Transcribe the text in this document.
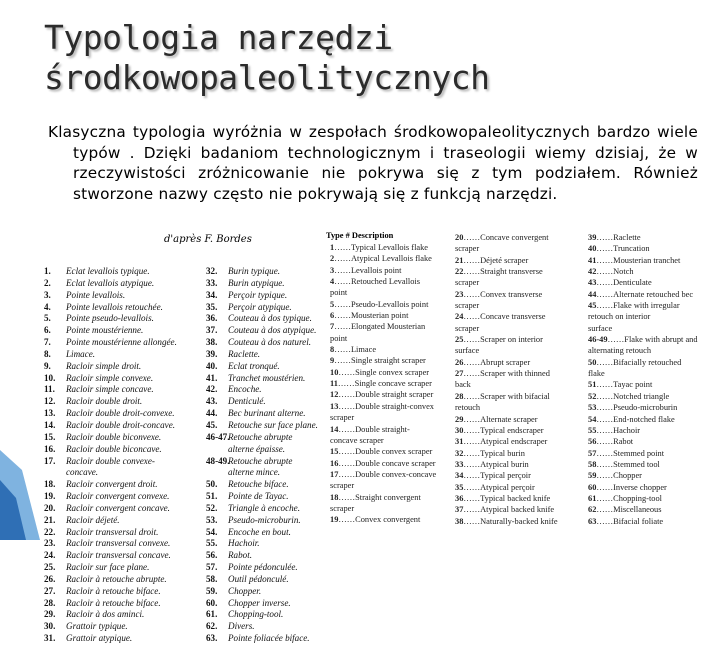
Typologia narzędzi
środkowopaleolitycznych
Klasyczna typologia wyróżnia w zespołach środkowopaleolitycznych bardzo wiele typów . Dzięki badaniom technologicznym i traseologii wiemy dzisiaj, że w rzeczywistości zróżnicowanie nie pokrywa się z tym podziałem. Również stworzone nazwy często nie pokrywają się z funkcją narzędzi.
d'après F. Bordes
1. Eclat levallois typique.
2. Eclat levallois atypique.
3. Pointe levallois.
4. Pointe levallois retouchée.
5. Pointe pseudo-levallois.
6. Pointe moustérienne.
7. Pointe moustérienne allongée.
8. Limace.
9. Racloir simple droit.
10. Racloir simple convexe.
11. Racloir simple concave.
12. Racloir double droit.
13. Racloir double droit-convexe.
14. Racloir double droit-concave.
15. Racloir double biconvexe.
16. Racloir double biconcave.
17. Racloir double convexe-
concave.
18. Racloir convergent droit.
19. Racloir convergent convexe.
20. Racloir convergent concave.
21. Racloir déjeté.
22. Racloir transversal droit.
23. Racloir transversal convexe.
24. Racloir transversal concave.
25. Racloir sur face plane.
26. Racloir à retouche abrupte.
27. Racloir à retouche biface.
28. Racloir à retouche biface.
29. Racloir à dos aminci.
30. Grattoir typique.
31. Grattoir atypique.
32. Burin typique.
33. Burin atypique.
34. Perçoir typique.
35. Perçoir atypique.
36. Couteau à dos typique.
37. Couteau à dos atypique.
38. Couteau à dos naturel.
39. Raclette.
40. Eclat tronqué.
41. Tranchet moustérien.
42. Encoche.
43. Denticulé.
44. Bec burinant alterne.
45. Retouche sur face plane.
46-47.Retouche abrupte
alterne épaisse.
48-49.Retouche abrupte
alterne mince.
50. Retouche biface.
51. Pointe de Tayac.
52. Triangle à encoche.
53. Pseudo-microburin.
54. Encoche en bout.
55. Hachoir.
56. Rabot.
57. Pointe pédonculée.
58. Outil pédonculé.
59. Chopper.
60. Chopper inverse.
61. Chopping-tool.
62. Divers.
63. Pointe foliacée biface.
Type # Description
1……Typical Levallois flake
2……Atypical Levallois flake
3……Levallois point
4……Retouched Levallois
point
5……Pseudo-Levallois point
6……Mousterian point
7……Elongated Mousterian
point
8……Limace
9……Single straight scraper
10……Single convex scraper
11……Single concave scraper
12……Double straight scraper
13……Double straight-convex
scraper
14……Double straight-
concave scraper
15……Double convex scraper
16……Double concave scraper
17……Double convex-concave
scraper
18……Straight convergent
scraper
19……Convex convergent
20……Concave convergent
scraper
21……Déjeté scraper
22……Straight transverse
scraper
23……Convex transverse
scraper
24……Concave transverse
scraper
25……Scraper on interior
surface
26……Abrupt scraper
27……Scraper with thinned
back
28……Scraper with bifacial
retouch
29……Alternate scraper
30……Typical endscraper
31……Atypical endscraper
32……Typical burin
33……Atypical burin
34……Typical perçoir
35……Atypical perçoir
36……Typical backed knife
37……Atypical backed knife
38……Naturally-backed knife
39……Raclette
40……Truncation
41……Mousterian tranchet
42……Notch
43……Denticulate
44……Alternate retouched bec
45……Flake with irregular
retouch on interior
surface
46-49……Flake with abrupt and
alternating retouch
50……Bifacially retouched
flake
51……Tayac point
52……Notched triangle
53……Pseudo-microburin
54……End-notched flake
55……Hachoir
56……Rabot
57……Stemmed point
58……Stemmed tool
59……Chopper
60……Inverse chopper
61……Chopping-tool
62……Miscellaneous
63……Bifacial foliate
